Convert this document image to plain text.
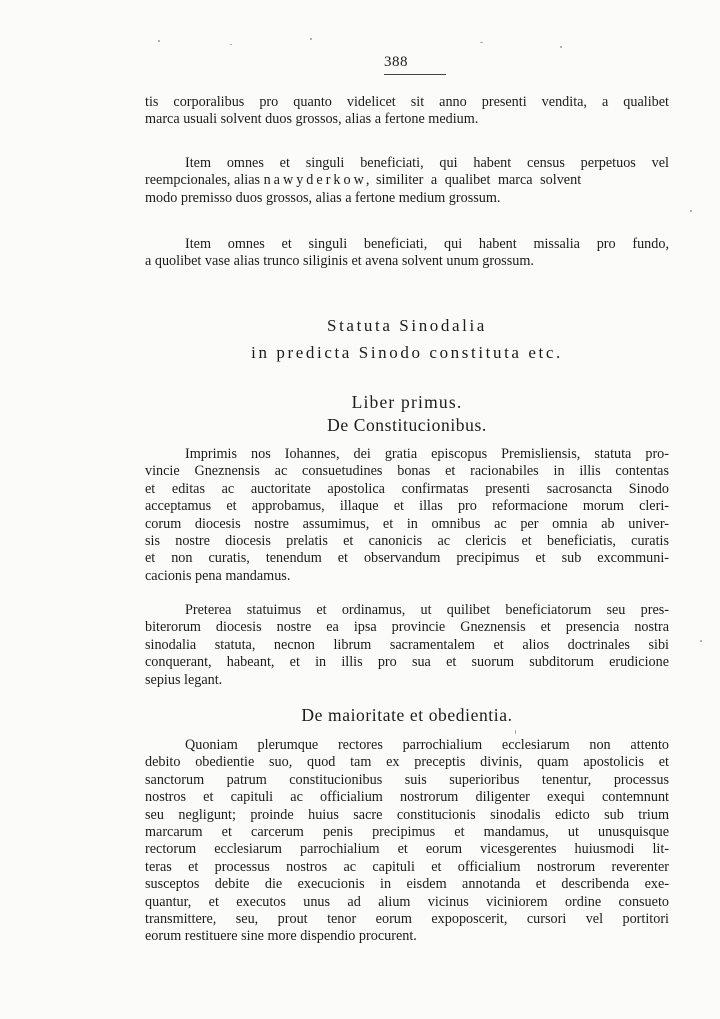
388
tis corporalibus pro quanto videlicet sit anno presenti vendita, a qualibet
marca usuali solvent duos grossos, alias a fertone medium.
Item omnes et singuli beneficiati, qui habent census perpetuos vel
reempcionales, alias nawyderkow, similiter a qualibet marca solvent
modo premisso duos grossos, alias a fertone medium grossum.
Item omnes et singuli beneficiati, qui habent missalia pro fundo,
a quolibet vase alias trunco siliginis et avena solvent unum grossum.
Statuta Sinodalia
in predicta Sinodo constituta etc.
Liber primus.
De Constitucionibus.
Imprimis nos Iohannes, dei gratia episcopus Premisliensis, statuta pro-
vincie Gneznensis ac consuetudines bonas et racionabiles in illis contentas
et editas ac auctoritate apostolica confirmatas presenti sacrosancta Sinodo
acceptamus et approbamus, illaque et illas pro reformacione morum cleri-
corum diocesis nostre assumimus, et in omnibus ac per omnia ab univer-
sis nostre diocesis prelatis et canonicis ac clericis et beneficiatis, curatis
et non curatis, tenendum et observandum precipimus et sub excommuni-
cacionis pena mandamus.
Preterea statuimus et ordinamus, ut quilibet beneficiatorum seu pres-
biterorum diocesis nostre ea ipsa provincie Gneznensis et presencia nostra
sinodalia statuta, necnon librum sacramentalem et alios doctrinales sibi
conquerant, habeant, et in illis pro sua et suorum subditorum erudicione
sepius legant.
De maioritate et obedientia.
Quoniam plerumque rectores parrochialium ecclesiarum non attento
debito obedientie suo, quod tam ex preceptis divinis, quam apostolicis et
sanctorum patrum constitucionibus suis superioribus tenentur, processus
nostros et capituli ac officialium nostrorum diligenter exequi contemnunt
seu negligunt; proinde huius sacre constitucionis sinodalis edicto sub trium
marcarum et carcerum penis precipimus et mandamus, ut unusquisque
rectorum ecclesiarum parrochialium et eorum vicesgerentes huiusmodi lit-
teras et processus nostros ac capituli et officialium nostrorum reverenter
susceptos debite die execucionis in eisdem annotanda et describenda exe-
quantur, et executos unus ad alium vicinus viciniorem ordine consueto
transmittere, seu, prout tenor eorum expoposcerit, cursori vel portitori
eorum restituere sine more dispendio procurent.
